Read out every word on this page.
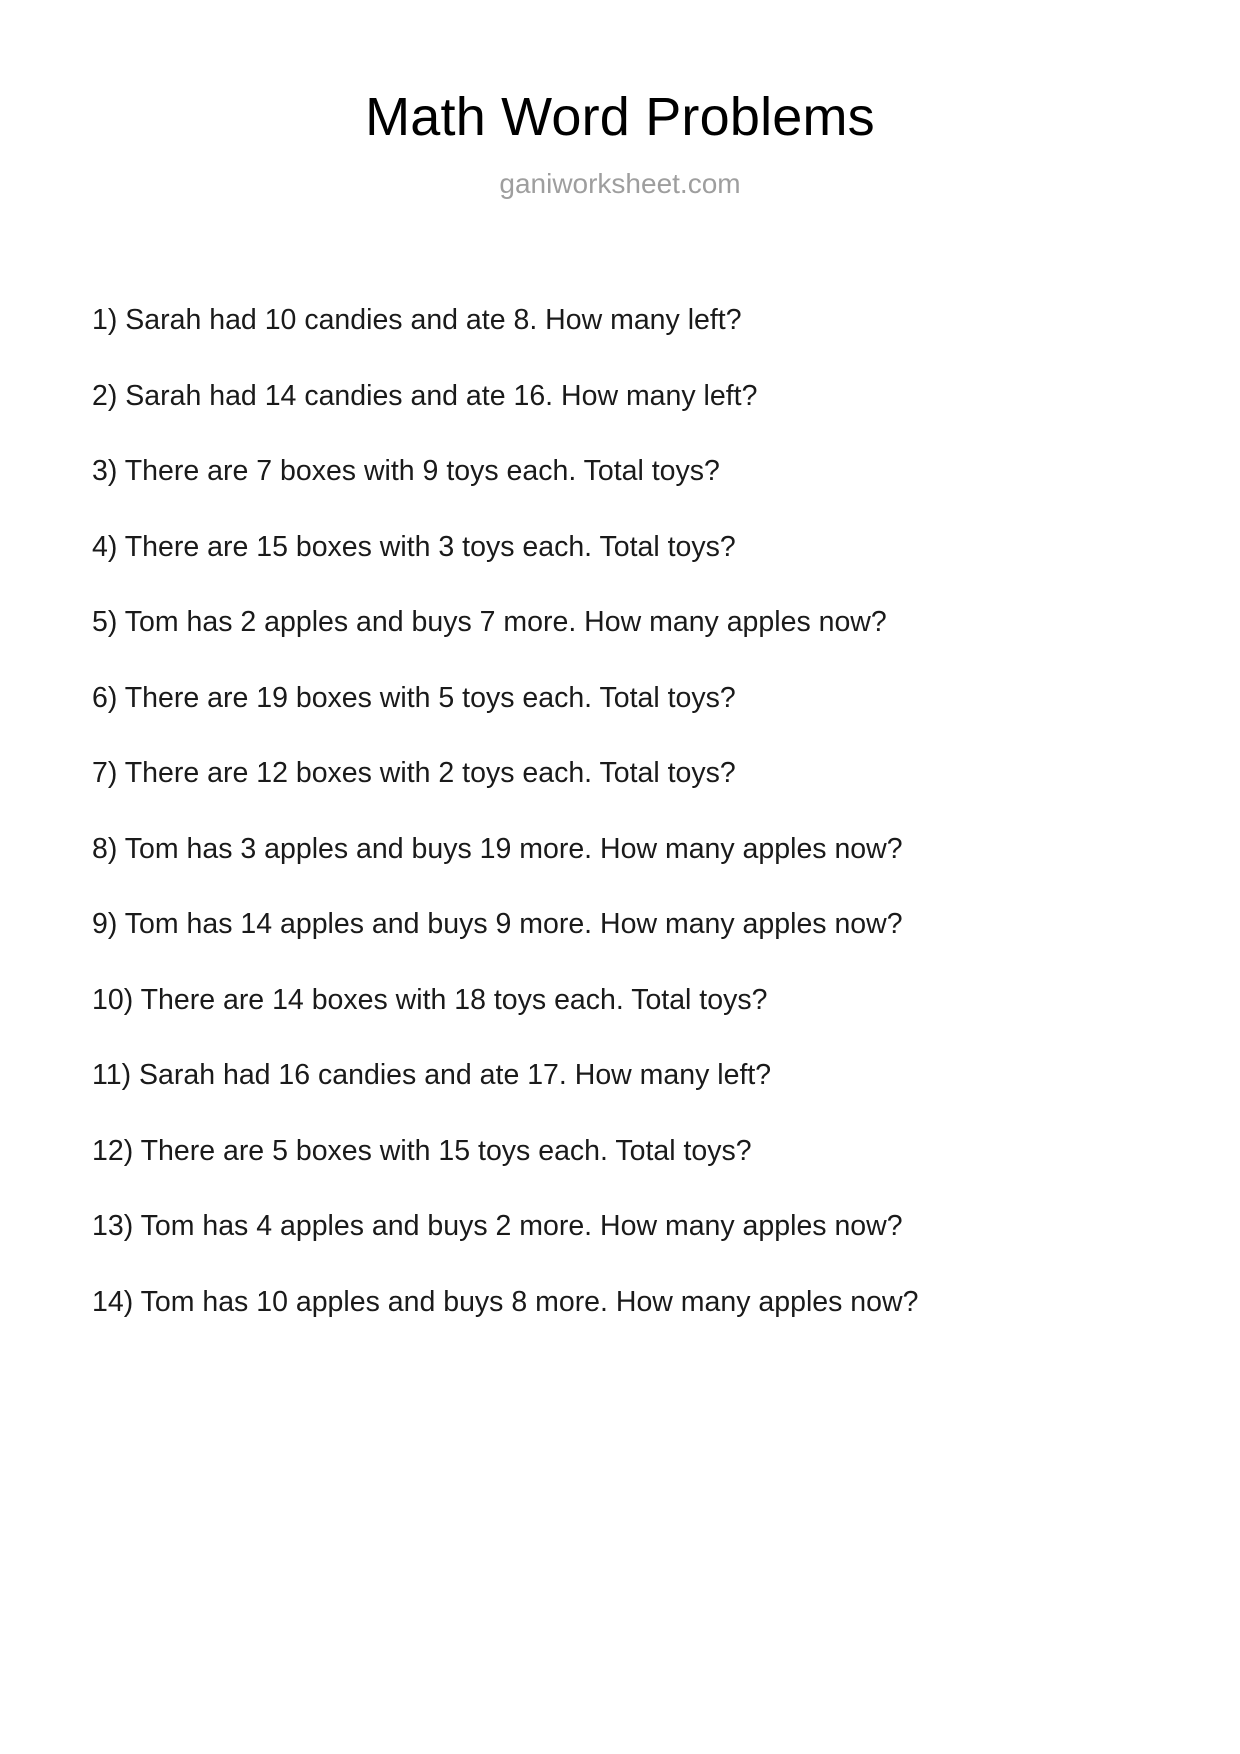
Math Word Problems
ganiworksheet.com
1) Sarah had 10 candies and ate 8. How many left?
2) Sarah had 14 candies and ate 16. How many left?
3) There are 7 boxes with 9 toys each. Total toys?
4) There are 15 boxes with 3 toys each. Total toys?
5) Tom has 2 apples and buys 7 more. How many apples now?
6) There are 19 boxes with 5 toys each. Total toys?
7) There are 12 boxes with 2 toys each. Total toys?
8) Tom has 3 apples and buys 19 more. How many apples now?
9) Tom has 14 apples and buys 9 more. How many apples now?
10) There are 14 boxes with 18 toys each. Total toys?
11) Sarah had 16 candies and ate 17. How many left?
12) There are 5 boxes with 15 toys each. Total toys?
13) Tom has 4 apples and buys 2 more. How many apples now?
14) Tom has 10 apples and buys 8 more. How many apples now?
